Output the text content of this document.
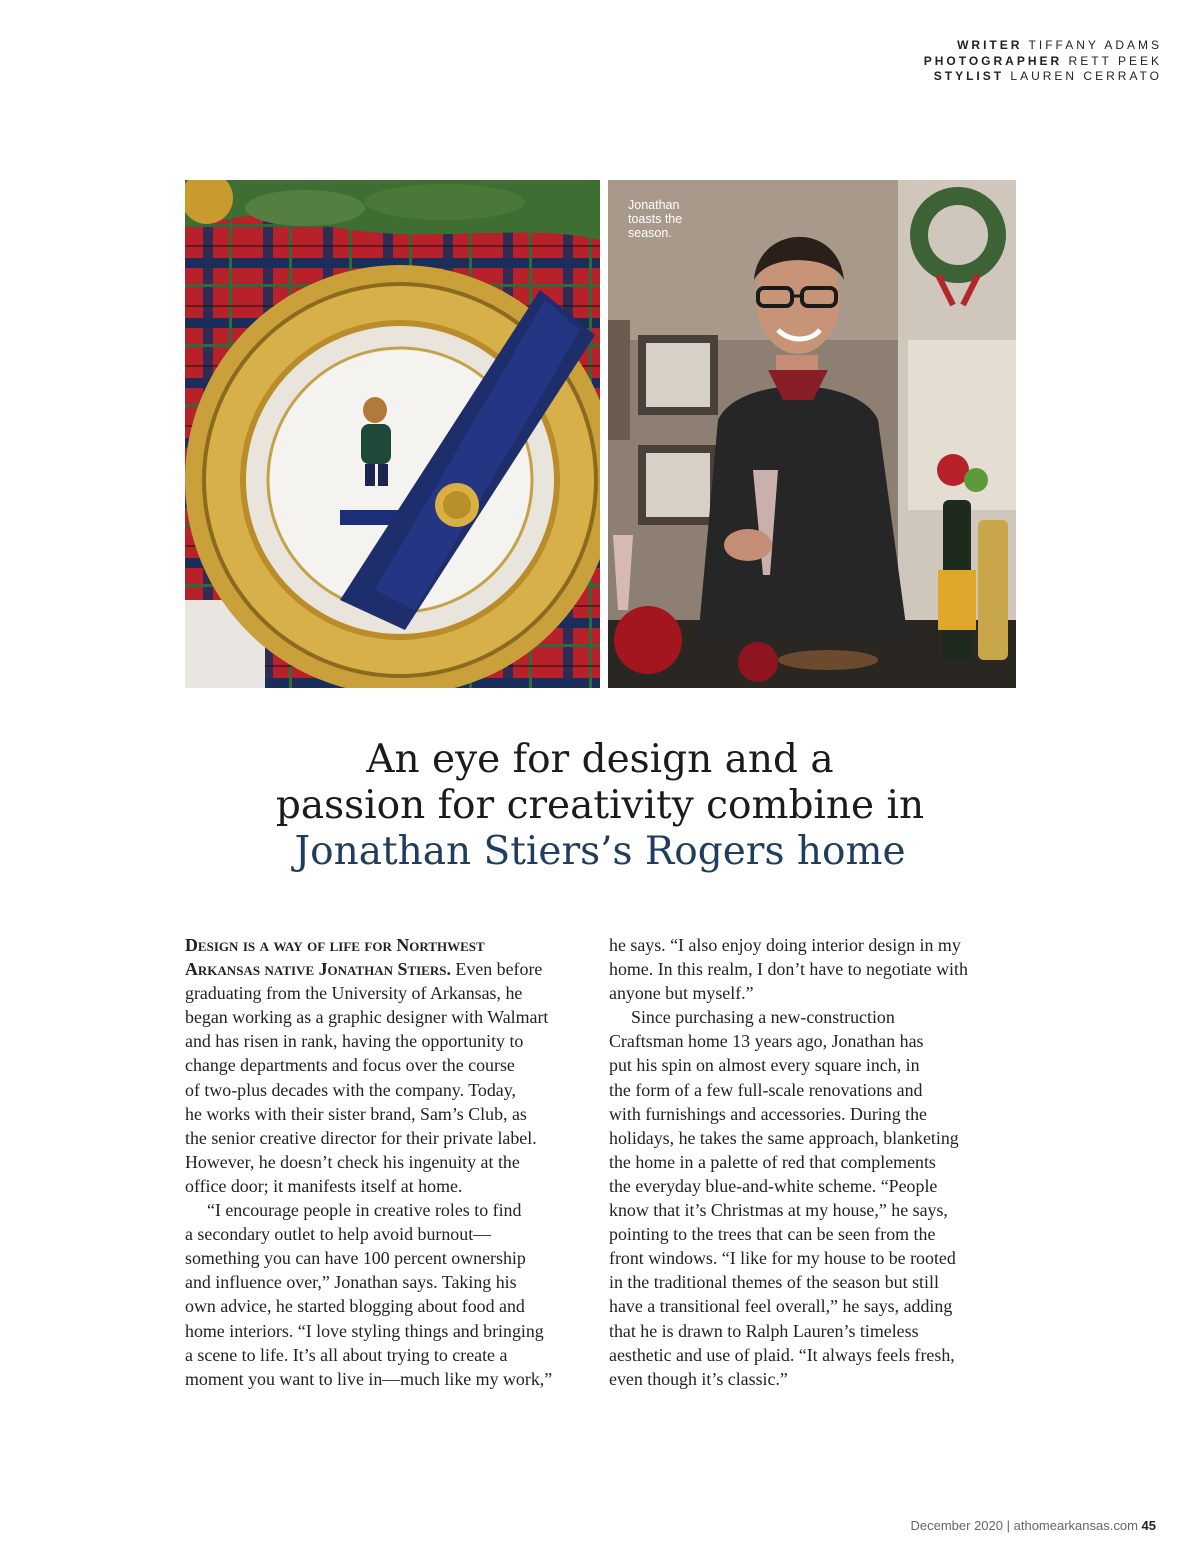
WRITER TIFFANY ADAMS
PHOTOGRAPHER RETT PEEK
STYLIST LAUREN CERRATO
Jonathan toasts the season.
An eye for design and a
passion for creativity combine in
Jonathan Stiers’s Rogers home
Design is a way of life for Northwest
Arkansas native Jonathan Stiers. Even before
graduating from the University of Arkansas, he
began working as a graphic designer with Walmart
and has risen in rank, having the opportunity to
change departments and focus over the course
of two-plus decades with the company. Today,
he works with their sister brand, Sam’s Club, as
the senior creative director for their private label.
However, he doesn’t check his ingenuity at the
office door; it manifests itself at home.
“I encourage people in creative roles to find
a secondary outlet to help avoid burnout—
something you can have 100 percent ownership
and influence over,” Jonathan says. Taking his
own advice, he started blogging about food and
home interiors. “I love styling things and bringing
a scene to life. It’s all about trying to create a
moment you want to live in—much like my work,”
he says. “I also enjoy doing interior design in my
home. In this realm, I don’t have to negotiate with
anyone but myself.”
Since purchasing a new-construction
Craftsman home 13 years ago, Jonathan has
put his spin on almost every square inch, in
the form of a few full-scale renovations and
with furnishings and accessories. During the
holidays, he takes the same approach, blanketing
the home in a palette of red that complements
the everyday blue-and-white scheme. “People
know that it’s Christmas at my house,” he says,
pointing to the trees that can be seen from the
front windows. “I like for my house to be rooted
in the traditional themes of the season but still
have a transitional feel overall,” he says, adding
that he is drawn to Ralph Lauren’s timeless
aesthetic and use of plaid. “It always feels fresh,
even though it’s classic.”
December 2020 | athomearkansas.com 45
